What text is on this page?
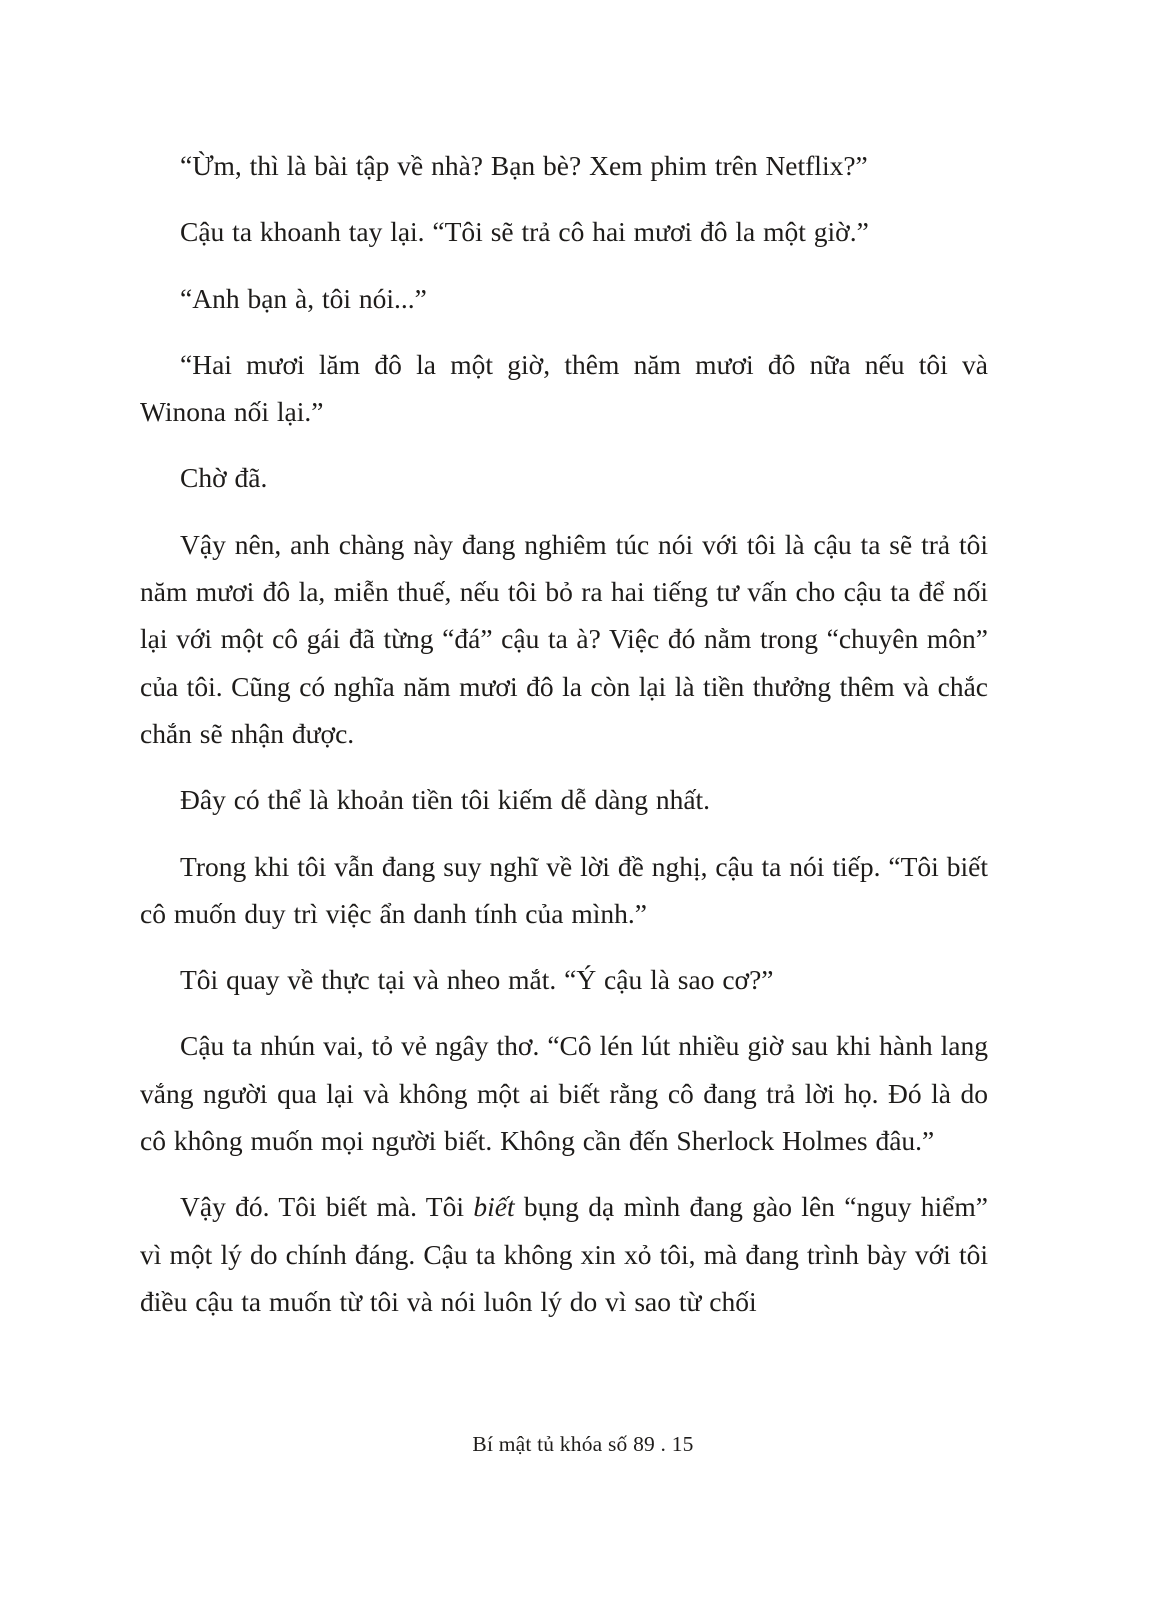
“Ừm, thì là bài tập về nhà? Bạn bè? Xem phim trên Netflix?”

Cậu ta khoanh tay lại. “Tôi sẽ trả cô hai mươi đô la một giờ.”

“Anh bạn à, tôi nói...”

“Hai mươi lăm đô la một giờ, thêm năm mươi đô nữa nếu tôi và Winona nối lại.”

Chờ đã.

Vậy nên, anh chàng này đang nghiêm túc nói với tôi là cậu ta sẽ trả tôi năm mươi đô la, miễn thuế, nếu tôi bỏ ra hai tiếng tư vấn cho cậu ta để nối lại với một cô gái đã từng “đá” cậu ta à? Việc đó nằm trong “chuyên môn” của tôi. Cũng có nghĩa năm mươi đô la còn lại là tiền thưởng thêm và chắc chắn sẽ nhận được.

Đây có thể là khoản tiền tôi kiếm dễ dàng nhất.

Trong khi tôi vẫn đang suy nghĩ về lời đề nghị, cậu ta nói tiếp. “Tôi biết cô muốn duy trì việc ẩn danh tính của mình.”

Tôi quay về thực tại và nheo mắt. “Ý cậu là sao cơ?”

Cậu ta nhún vai, tỏ vẻ ngây thơ. “Cô lén lút nhiều giờ sau khi hành lang vắng người qua lại và không một ai biết rằng cô đang trả lời họ. Đó là do cô không muốn mọi người biết. Không cần đến Sherlock Holmes đâu.”

Vậy đó. Tôi biết mà. Tôi biết bụng dạ mình đang gào lên “nguy hiểm” vì một lý do chính đáng. Cậu ta không xin xỏ tôi, mà đang trình bày với tôi điều cậu ta muốn từ tôi và nói luôn lý do vì sao từ chối

Bí mật tủ khóa số 89 . 15
